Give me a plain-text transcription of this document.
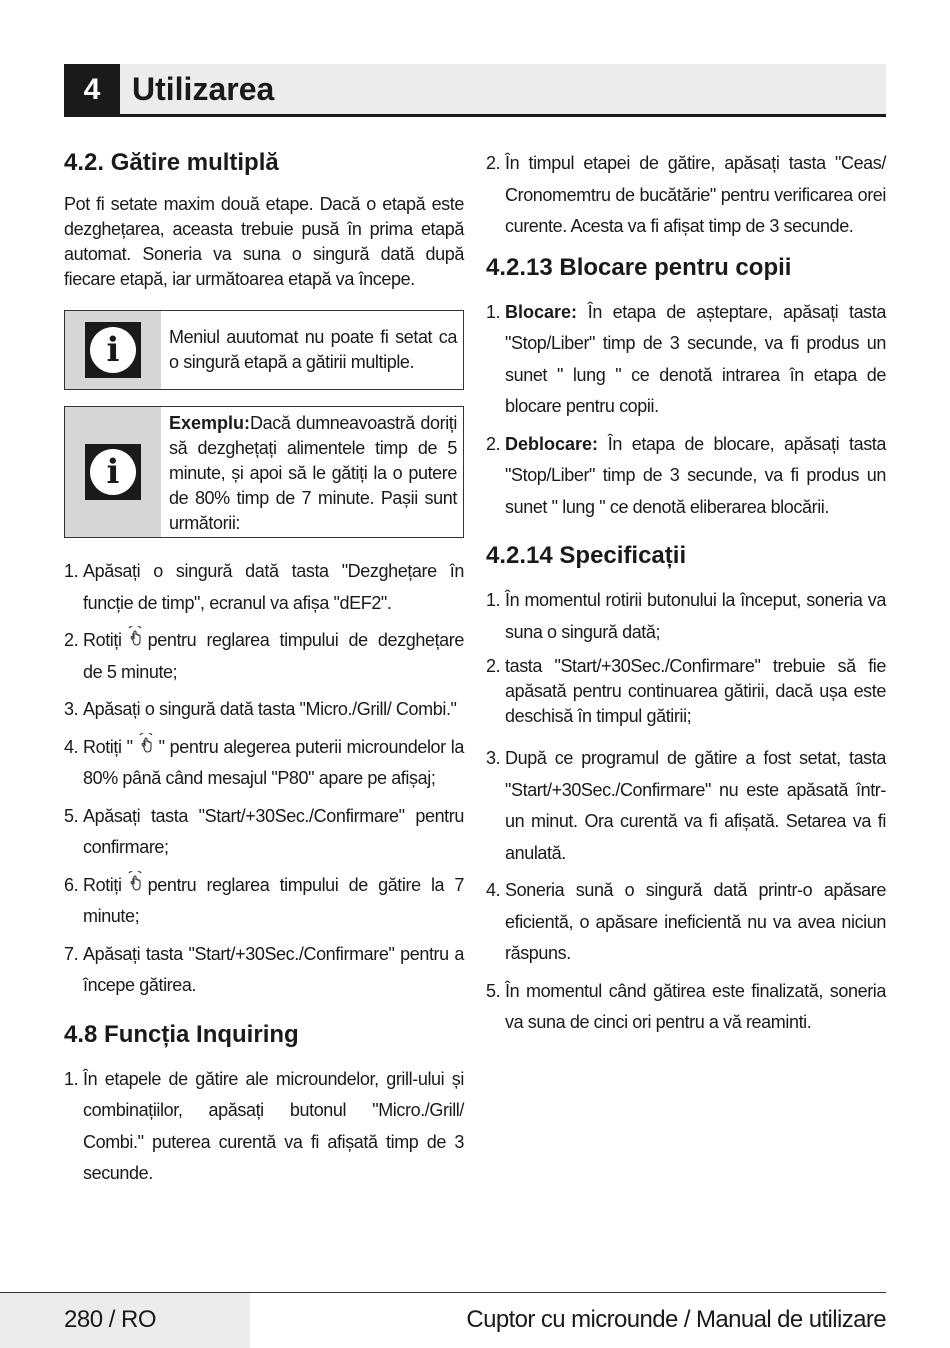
4 Utilizarea
4.2. Gătire multiplă

Pot fi setate maxim două etape. Dacă o etapă este dezghețarea, aceasta trebuie pusă în prima etapă automat. Soneria va suna o singură dată după fiecare etapă, iar următoarea etapă va începe.

i	Meniul auutomat nu poate fi setat ca o singură etapă a gătirii multiple.
i
Exemplu:Dacă dumneavoastră doriți să dezghețați alimentele timp de 5 minute, și apoi să le gătiți la o putere de 80% timp de 7 minute. Pașii sunt următorii:
1. Apăsați o singură dată tasta "Dezghețare în funcție de timp", ecranul va afișa "dEF2".
2. Rotiți pentru reglarea timpului de dezghețare de 5 minute;
3. Apăsați o singură dată tasta "Micro./Grill/ Combi."
4. Rotiți " " pentru alegerea puterii microundelor la 80% până când mesajul "P80" apare pe afișaj;
5. Apăsați tasta "Start/+30Sec./Confirmare" pentru confirmare;
6. Rotiți pentru reglarea timpului de gătire la 7 minute;
7. Apăsați tasta "Start/+30Sec./Confirmare" pentru a începe gătirea.
4.8 Funcția Inquiring
1. În etapele de gătire ale microundelor, grill-ului și combinațiilor, apăsați butonul "Micro./Grill/ Combi." puterea curentă va fi afișată timp de 3 secunde.
2. În timpul etapei de gătire, apăsați tasta "Ceas/ Cronomemtru de bucătărie" pentru verificarea orei curente. Acesta va fi afișat timp de 3 secunde.
4.2.13 Blocare pentru copii
1. Blocare: În etapa de așteptare, apăsați tasta "Stop/Liber" timp de 3 secunde, va fi produs un sunet " lung " ce denotă intrarea în etapa de blocare pentru copii.
2. Deblocare: În etapa de blocare, apăsați tasta "Stop/Liber" timp de 3 secunde, va fi produs un sunet " lung " ce denotă eliberarea blocării.
4.2.14 Specificații
1. În momentul rotirii butonului la început, soneria va suna o singură dată;
2. tasta "Start/+30Sec./Confirmare" trebuie să fie apăsată pentru continuarea gătirii, dacă ușa este deschisă în timpul gătirii;
3. După ce programul de gătire a fost setat, tasta "Start/+30Sec./Confirmare" nu este apăsată într-un minut. Ora curentă va fi afișată. Setarea va fi anulată.
4. Soneria sună o singură dată printr-o apăsare eficientă, o apăsare ineficientă nu va avea niciun răspuns.
5. În momentul când gătirea este finalizată, soneria va suna de cinci ori pentru a vă reaminti.
280 / RO	Cuptor cu microunde / Manual de utilizare
